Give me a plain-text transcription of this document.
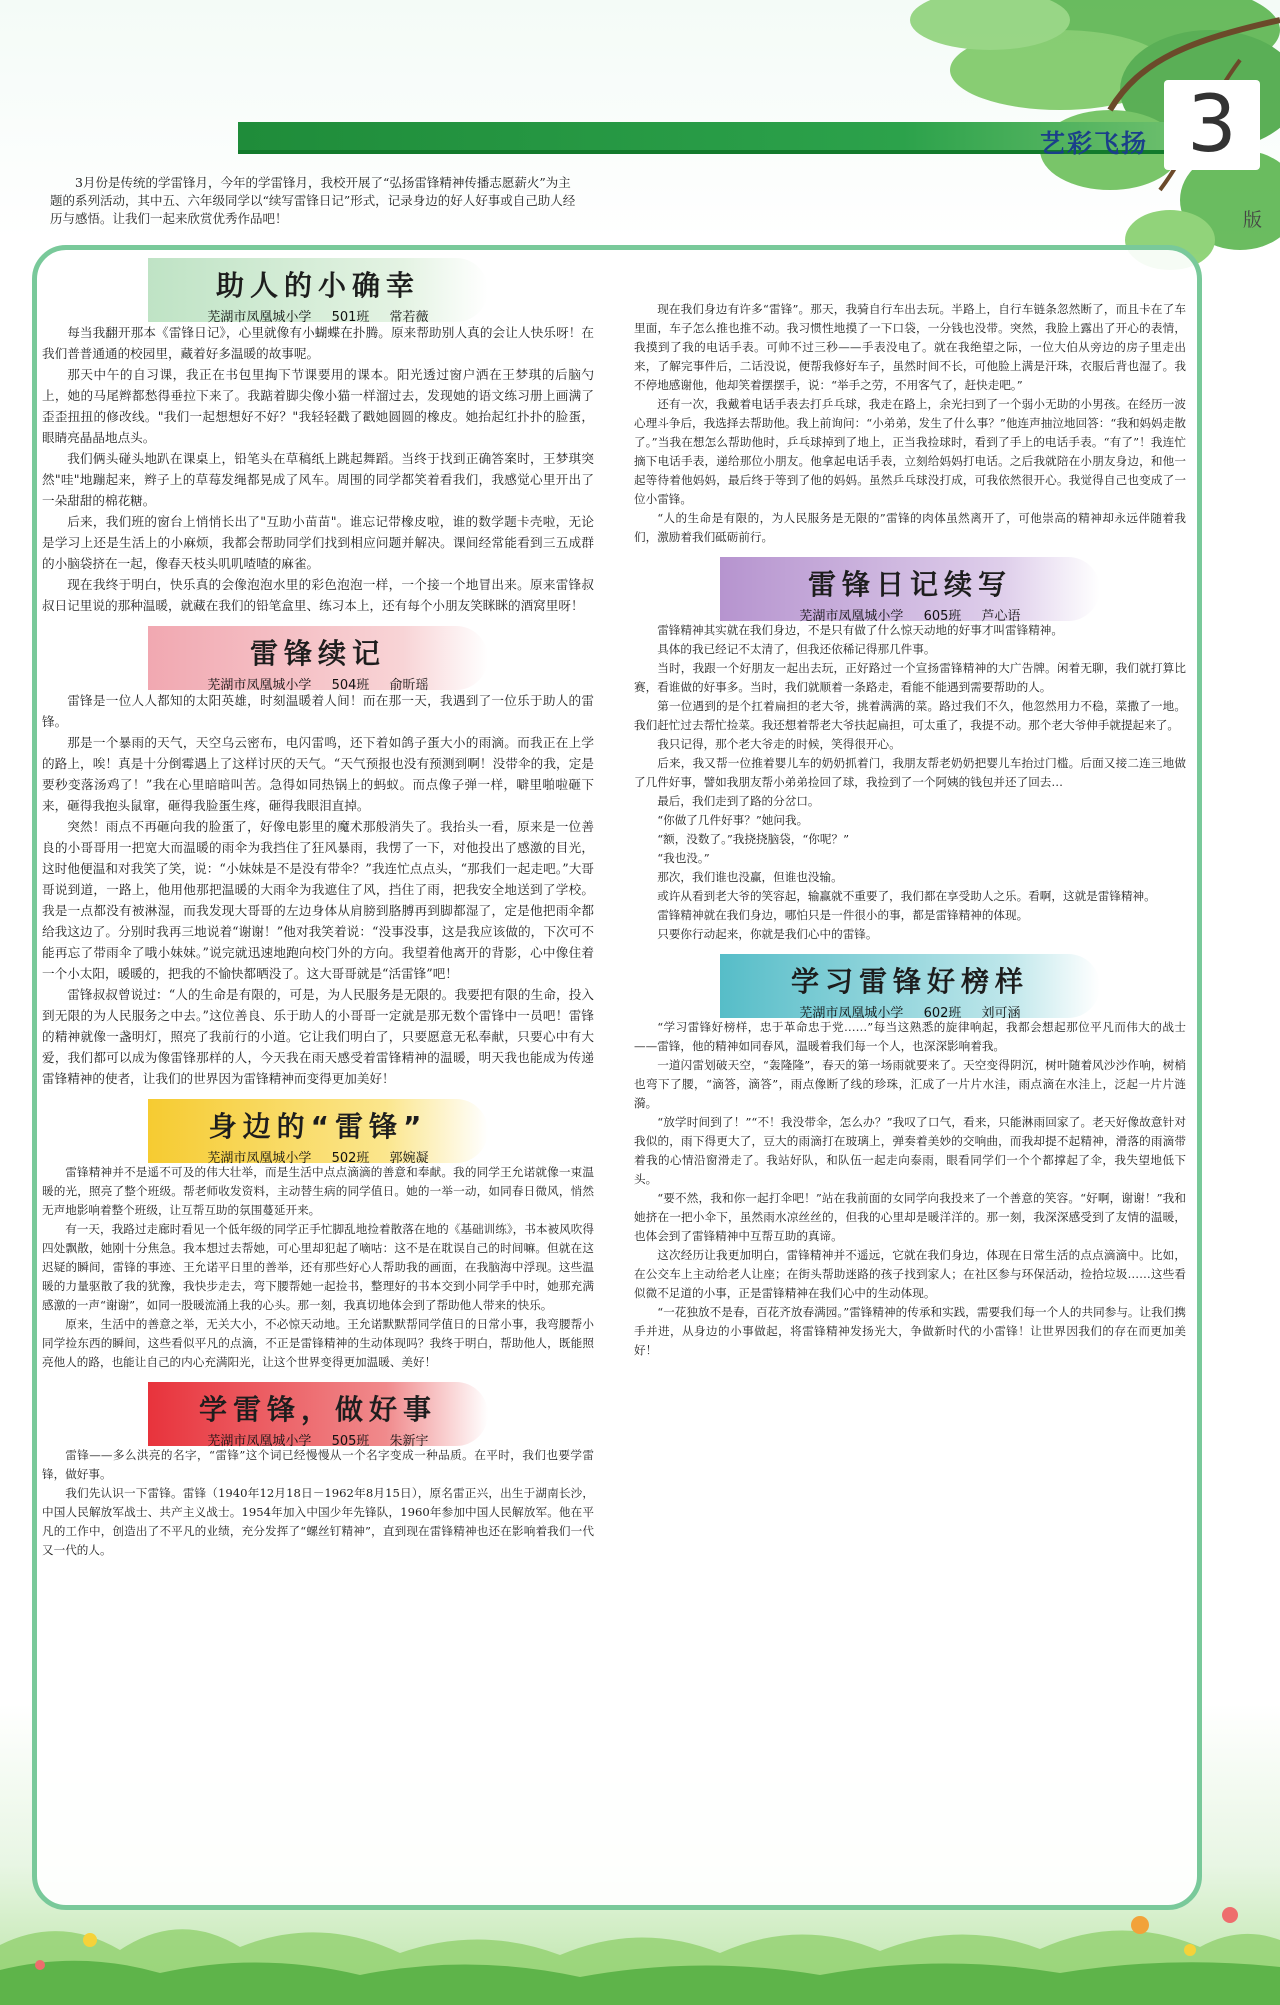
艺彩飞扬 3
版

3月份是传统的学雷锋月，今年的学雷锋月，我校开展了“弘扬雷锋精神传播志愿薪火”为主题的系列活动，其中五、六年级同学以“续写雷锋日记”形式，记录身边的好人好事或自己助人经历与感悟。让我们一起来欣赏优秀作品吧！

助人的小确幸
芜湖市凤凰城小学 501班 常若薇

每当我翻开那本《雷锋日记》，心里就像有小蝴蝶在扑腾。原来帮助别人真的会让人快乐呀！在我们普普通通的校园里，藏着好多温暖的故事呢。

那天中午的自习课，我正在书包里掏下节课要用的课本。阳光透过窗户洒在王梦琪的后脑勺上，她的马尾辫都愁得垂拉下来了。我踮着脚尖像小猫一样溜过去，发现她的语文练习册上画满了歪歪扭扭的修改线。"我们一起想想好不好？"我轻轻戳了戳她圆圆的橡皮。她抬起红扑扑的脸蛋，眼睛亮晶晶地点头。

我们俩头碰头地趴在课桌上，铅笔头在草稿纸上跳起舞蹈。当终于找到正确答案时，王梦琪突然"哇"地蹦起来，辫子上的草莓发绳都晃成了风车。周围的同学都笑着看我们，我感觉心里开出了一朵甜甜的棉花糖。

后来，我们班的窗台上悄悄长出了"互助小苗苗"。谁忘记带橡皮啦，谁的数学题卡壳啦，无论是学习上还是生活上的小麻烦，我都会帮助同学们找到相应问题并解决。课间经常能看到三五成群的小脑袋挤在一起，像春天枝头叽叽喳喳的麻雀。

现在我终于明白，快乐真的会像泡泡水里的彩色泡泡一样，一个接一个地冒出来。原来雷锋叔叔日记里说的那种温暖，就藏在我们的铅笔盒里、练习本上，还有每个小朋友笑眯眯的酒窝里呀！

雷锋续记
芜湖市凤凰城小学 504班 俞昕瑶

雷锋是一位人人都知的太阳英雄，时刻温暖着人间！而在那一天，我遇到了一位乐于助人的雷锋。

那是一个暴雨的天气，天空乌云密布，电闪雷鸣，还下着如鸽子蛋大小的雨滴。而我正在上学的路上，唉！真是十分倒霉遇上了这样讨厌的天气。“天气预报也没有预测到啊！没带伞的我，定是要秒变落汤鸡了！”我在心里暗暗叫苦。急得如同热锅上的蚂蚁。而点像子弹一样，噼里啪啦砸下来，砸得我抱头鼠窜，砸得我脸蛋生疼，砸得我眼泪直掉。

突然！雨点不再砸向我的脸蛋了，好像电影里的魔术那般消失了。我抬头一看，原来是一位善良的小哥哥用一把宽大而温暖的雨伞为我挡住了狂风暴雨，我愣了一下，对他投出了感激的目光，这时他便温和对我笑了笑，说：“小妹妹是不是没有带伞？”我连忙点点头，“那我们一起走吧。”大哥哥说到道，一路上，他用他那把温暖的大雨伞为我遮住了风，挡住了雨，把我安全地送到了学校。我是一点都没有被淋湿，而我发现大哥哥的左边身体从肩膀到胳膊再到脚都湿了，定是他把雨伞都给我这边了。分别时我再三地说着“谢谢！”他对我笑着说：“没事没事，这是我应该做的，下次可不能再忘了带雨伞了哦小妹妹。”说完就迅速地跑向校门外的方向。我望着他离开的背影，心中像住着一个小太阳，暖暖的，把我的不愉快都晒没了。这大哥哥就是“活雷锋”吧！

雷锋叔叔曾说过：“人的生命是有限的，可是，为人民服务是无限的。我要把有限的生命，投入到无限的为人民服务之中去。”这位善良、乐于助人的小哥哥一定就是那无数个雷锋中一员吧！雷锋的精神就像一盏明灯，照亮了我前行的小道。它让我们明白了，只要愿意无私奉献，只要心中有大爱，我们都可以成为像雷锋那样的人，今天我在雨天感受着雷锋精神的温暖，明天我也能成为传递雷锋精神的使者，让我们的世界因为雷锋精神而变得更加美好！

身边的“雷锋”
芜湖市凤凰城小学 502班 郭婉凝

雷锋精神并不是遥不可及的伟大壮举，而是生活中点点滴滴的善意和奉献。我的同学王允诺就像一束温暖的光，照亮了整个班级。帮老师收发资料，主动替生病的同学值日。她的一举一动，如同春日微风，悄然无声地影响着整个班级，让互帮互助的氛围蔓延开来。

有一天，我路过走廊时看见一个低年级的同学正手忙脚乱地捡着散落在地的《基础训练》，书本被风吹得四处飘散，她刚十分焦急。我本想过去帮她，可心里却犯起了嘀咕：这不是在耽误自己的时间嘛。但就在这迟疑的瞬间，雷锋的事迹、王允诺平日里的善举，还有那些好心人帮助我的画面，在我脑海中浮现。这些温暖的力量驱散了我的犹豫，我快步走去，弯下腰帮她一起捡书，整理好的书本交到小同学手中时，她那充满感激的一声“谢谢”，如同一股暖流涌上我的心头。那一刻，我真切地体会到了帮助他人带来的快乐。

原来，生活中的善意之举，无关大小，不必惊天动地。王允诺默默帮同学值日的日常小事，我弯腰帮小同学捡东西的瞬间，这些看似平凡的点滴，不正是雷锋精神的生动体现吗？我终于明白，帮助他人，既能照亮他人的路，也能让自己的内心充满阳光，让这个世界变得更加温暖、美好！

学雷锋，做好事
芜湖市凤凰城小学 505班 朱新宇

雷锋——多么洪亮的名字，“雷锋”这个词已经慢慢从一个名字变成一种品质。在平时，我们也要学雷锋，做好事。

我们先认识一下雷锋。雷锋（1940年12月18日－1962年8月15日），原名雷正兴，出生于湖南长沙，中国人民解放军战士、共产主义战士。1954年加入中国少年先锋队，1960年参加中国人民解放军。他在平凡的工作中，创造出了不平凡的业绩，充分发挥了“螺丝钉精神”，直到现在雷锋精神也还在影响着我们一代又一代的人。

现在我们身边有许多“雷锋”。那天，我骑自行车出去玩。半路上，自行车链条忽然断了，而且卡在了车里面，车子怎么推也推不动。我习惯性地摸了一下口袋，一分钱也没带。突然，我脸上露出了开心的表情，我摸到了我的电话手表。可帅不过三秒——手表没电了。就在我绝望之际，一位大伯从旁边的房子里走出来，了解完事件后，二话没说，便帮我修好车子，虽然时间不长，可他脸上满是汗珠，衣服后背也湿了。我不停地感谢他，他却笑着摆摆手，说：“举手之劳，不用客气了，赶快走吧。”

还有一次，我戴着电话手表去打乒乓球，我走在路上，余光扫到了一个弱小无助的小男孩。在经历一波心理斗争后，我选择去帮助他。我上前询问：“小弟弟，发生了什么事？”他连声抽泣地回答：“我和妈妈走散了。”当我在想怎么帮助他时，乒乓球掉到了地上，正当我捡球时，看到了手上的电话手表。“有了”！我连忙摘下电话手表，递给那位小朋友。他拿起电话手表，立刻给妈妈打电话。之后我就陪在小朋友身边，和他一起等待着他妈妈，最后终于等到了他的妈妈。虽然乒乓球没打成，可我依然很开心。我觉得自己也变成了一位小雷锋。

“人的生命是有限的，为人民服务是无限的”雷锋的肉体虽然离开了，可他崇高的精神却永远伴随着我们，激励着我们砥砺前行。

雷锋日记续写
芜湖市凤凰城小学 605班 芦心语

雷锋精神其实就在我们身边，不是只有做了什么惊天动地的好事才叫雷锋精神。

具体的我已经记不太清了，但我还依稀记得那几件事。

当时，我跟一个好朋友一起出去玩，正好路过一个宣扬雷锋精神的大广告牌。闲着无聊，我们就打算比赛，看谁做的好事多。当时，我们就顺着一条路走，看能不能遇到需要帮助的人。

第一位遇到的是个扛着扁担的老大爷，挑着满满的菜。路过我们不久，他忽然用力不稳，菜撒了一地。我们赶忙过去帮忙捡菜。我还想着帮老大爷扶起扁担，可太重了，我提不动。那个老大爷伸手就提起来了。

我只记得，那个老大爷走的时候，笑得很开心。

后来，我又帮一位推着婴儿车的奶奶抓着门，我朋友帮老奶奶把婴儿车抬过门槛。后面又接二连三地做了几件好事，譬如我朋友帮小弟弟捡回了球，我捡到了一个阿姨的钱包并还了回去…

最后，我们走到了路的分岔口。

“你做了几件好事？”她问我。

“额，没数了。”我挠挠脑袋，“你呢？”

“我也没。”

那次，我们谁也没赢，但谁也没输。

或许从看到老大爷的笑容起，输赢就不重要了，我们都在享受助人之乐。看啊，这就是雷锋精神。

雷锋精神就在我们身边，哪怕只是一件很小的事，都是雷锋精神的体现。

只要你行动起来，你就是我们心中的雷锋。

学习雷锋好榜样
芜湖市凤凰城小学 602班 刘可涵

“学习雷锋好榜样，忠于革命忠于党……”每当这熟悉的旋律响起，我都会想起那位平凡而伟大的战士——雷锋，他的精神如同春风，温暖着我们每一个人，也深深影响着我。

一道闪雷划破天空，“轰隆隆”，春天的第一场雨就要来了。天空变得阴沉，树叶随着风沙沙作响，树梢也弯下了腰，“滴答，滴答”，雨点像断了线的珍珠，汇成了一片片水洼，雨点滴在水洼上，泛起一片片涟漪。

“放学时间到了！”“不！我没带伞，怎么办？”我叹了口气，看来，只能淋雨回家了。老天好像故意针对我似的，雨下得更大了，豆大的雨滴打在玻璃上，弹奏着美妙的交响曲，而我却提不起精神，滑落的雨滴带着我的心情沿窗滑走了。我站好队，和队伍一起走向泰雨，眼看同学们一个个都撑起了伞，我失望地低下头。

“要不然，我和你一起打伞吧！”站在我前面的女同学向我投来了一个善意的笑容。“好啊，谢谢！”我和她挤在一把小伞下，虽然雨水凉丝丝的，但我的心里却是暖洋洋的。那一刻，我深深感受到了友情的温暖，也体会到了雷锋精神中互帮互助的真谛。

这次经历让我更加明白，雷锋精神并不遥远，它就在我们身边，体现在日常生活的点点滴滴中。比如，在公交车上主动给老人让座；在街头帮助迷路的孩子找到家人；在社区参与环保活动，捡拾垃圾……这些看似微不足道的小事，正是雷锋精神在我们心中的生动体现。

“一花独放不是春，百花齐放春满园。”雷锋精神的传承和实践，需要我们每一个人的共同参与。让我们携手并进，从身边的小事做起，将雷锋精神发扬光大，争做新时代的小雷锋！让世界因我们的存在而更加美好！
